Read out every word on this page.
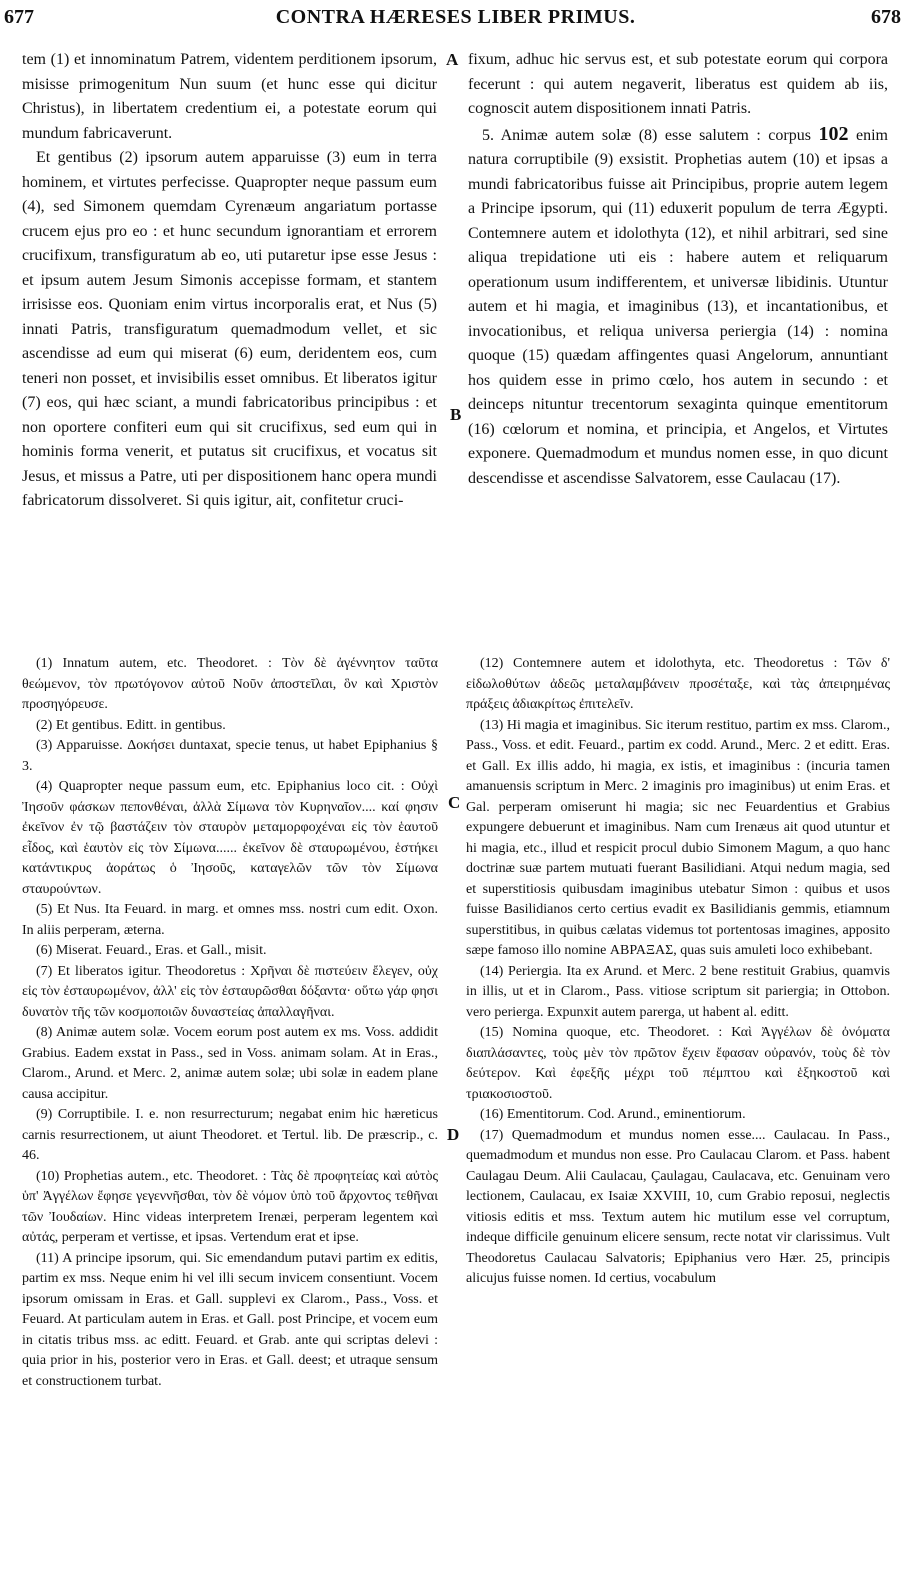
677	CONTRA HÆRESES LIBER PRIMUS.	678

tem (1) et innominatum Patrem, videntem perditionem ipsorum, misisse primogenitum Nun suum (et hunc esse qui dicitur Christus), in libertatem credentium ei, a potestate eorum qui mundum fabricaverunt.

Et gentibus (2) ipsorum autem apparuisse (3) eum in terra hominem, et virtutes perfecisse. Quapropter neque passum eum (4), sed Simonem quemdam Cyrenæum angariatum portasse crucem ejus pro eo : et hunc secundum ignorantiam et errorem crucifixum, transfiguratum ab eo, uti putaretur ipse esse Jesus : et ipsum autem Jesum Simonis accepisse formam, et stantem irrisisse eos. Quoniam enim virtus incorporalis erat, et Nus (5) innati Patris, transfiguratum quemadmodum vellet, et sic ascendisse ad eum qui miserat (6) eum, deridentem eos, cum teneri non posset, et invisibilis esset omnibus. Et liberatos igitur (7) eos, qui hæc sciant, a mundi fabricatoribus principibus : et non oportere confiteri eum qui sit crucifixus, sed eum qui in hominis forma venerit, et putatus sit crucifixus, et vocatus sit Jesus, et missus a Patre, uti per dispositionem hanc opera mundi fabricatorum dissolveret. Si quis igitur, ait, confitetur cruci-

A
B
C
D

fixum, adhuc hic servus est, et sub potestate eorum qui corpora fecerunt : qui autem negaverit, liberatus est quidem ab iis, cognoscit autem dispositionem innati Patris.

5. Animæ autem solæ (8) esse salutem : corpus 102 enim natura corruptibile (9) exsistit. Prophetias autem (10) et ipsas a mundi fabricatoribus fuisse ait Principibus, proprie autem legem a Principe ipsorum, qui (11) eduxerit populum de terra Ægypti. Contemnere autem et idolothyta (12), et nihil arbitrari, sed sine aliqua trepidatione uti eis : habere autem et reliquarum operationum usum indifferentem, et universæ libidinis. Utuntur autem et hi magia, et imaginibus (13), et incantationibus, et invocationibus, et reliqua universa periergia (14) : nomina quoque (15) quædam affingentes quasi Angelorum, annuntiant hos quidem esse in primo cœlo, hos autem in secundo : et deinceps nituntur trecentorum sexaginta quinque ementitorum (16) cœlorum et nomina, et principia, et Angelos, et Virtutes exponere. Quemadmodum et mundus nomen esse, in quo dicunt descendisse et ascendisse Salvatorem, esse Caulacau (17).

(1) Innatum autem, etc. Theodoret. : Τὸν δὲ ἀγέννητον ταῦτα θεώμενον, τὸν πρωτόγονον αὐτοῦ Νοῦν ἀποστεῖλαι, ὃν καὶ Χριστὸν προσηγόρευσε.

(2) Et gentibus. Editt. in gentibus.

(3) Apparuisse. Δοκήσει duntaxat, specie tenus, ut habet Epiphanius § 3.

(4) Quapropter neque passum eum, etc. Epiphanius loco cit. : Οὐχὶ Ἰησοῦν φάσκων πεπονθέναι, ἀλλὰ Σίμωνα τὸν Κυρηναῖον.... καί φησιν ἐκεῖνον ἐν τῷ βαστάζειν τὸν σταυρὸν μεταμορφοχέναι εἰς τὸν ἑαυτοῦ εἶδος, καὶ ἑαυτὸν εἰς τὸν Σίμωνα...... ἐκεῖνον δὲ σταυρωμένου, ἑστήκει κατάντικρυς ἀοράτως ὁ Ἰησοῦς, καταγελῶν τῶν τὸν Σίμωνα σταυρούντων.

(5) Et Nus. Ita Feuard. in marg. et omnes mss. nostri cum edit. Oxon. In aliis perperam, æterna.

(6) Miserat. Feuard., Eras. et Gall., misit.

(7) Et liberatos igitur. Theodoretus : Χρῆναι δὲ πιστεύειν ἔλεγεν, οὐχ εἰς τὸν ἐσταυρωμένον, ἀλλ' εἰς τὸν ἐσταυρῶσθαι δόξαντα· οὕτω γάρ φησι δυνατὸν τῆς τῶν κοσμοποιῶν δυναστείας ἀπαλλαγῆναι.

(8) Animæ autem solæ. Vocem eorum post autem ex ms. Voss. addidit Grabius. Eadem exstat in Pass., sed in Voss. animam solam. At in Eras., Clarom., Arund. et Merc. 2, animæ autem solæ; ubi solæ in eadem plane causa accipitur.

(9) Corruptibile. I. e. non resurrecturum; negabat enim hic hæreticus carnis resurrectionem, ut aiunt Theodoret. et Tertul. lib. De præscrip., c. 46.

(10) Prophetias autem., etc. Theodoret. : Τὰς δὲ προφητείας καὶ αὐτὸς ὑπ' Ἀγγέλων ἔφησε γεγεννῆσθαι, τὸν δὲ νόμον ὑπὸ τοῦ ἄρχοντος τεθῆναι τῶν Ἰουδαίων. Hinc videas interpretem Irenæi, perperam legentem καὶ αὐτάς, perperam et vertisse, et ipsas. Vertendum erat et ipse.

(11) A principe ipsorum, qui. Sic emendandum putavi partim ex editis, partim ex mss. Neque enim hi vel illi secum invicem consentiunt. Vocem ipsorum omissam in Eras. et Gall. supplevi ex Clarom., Pass., Voss. et Feuard. At particulam autem in Eras. et Gall. post Principe, et vocem eum in citatis tribus mss. ac editt. Feuard. et Grab. ante qui scriptas delevi : quia prior in his, posterior vero in Eras. et Gall. deest; et utraque sensum et constructionem turbat.

(12) Contemnere autem et idolothyta, etc. Theodoretus : Τῶν δ' εἰδωλοθύτων ἀδεῶς μεταλαμβάνειν προσέταξε, καὶ τὰς ἀπειρημένας πράξεις ἀδιακρίτως ἐπιτελεῖν.

(13) Hi magia et imaginibus. Sic iterum restituo, partim ex mss. Clarom., Pass., Voss. et edit. Feuard., partim ex codd. Arund., Merc. 2 et editt. Eras. et Gall. Ex illis addo, hi magia, ex istis, et imaginibus : (incuria tamen amanuensis scriptum in Merc. 2 imaginis pro imaginibus) ut enim Eras. et Gal. perperam omiserunt hi magia; sic nec Feuardentius et Grabius expungere debuerunt et imaginibus. Nam cum Irenæus ait quod utuntur et hi magia, etc., illud et respicit procul dubio Simonem Magum, a quo hanc doctrinæ suæ partem mutuati fuerant Basilidiani. Atqui nedum magia, sed et superstitiosis quibusdam imaginibus utebatur Simon : quibus et usos fuisse Basilidianos certo certius evadit ex Basilidianis gemmis, etiamnum superstitibus, in quibus cælatas videmus tot portentosas imagines, apposito sæpe famoso illo nomine ΑΒΡΑΞΑΣ, quas suis amuleti loco exhibebant.

(14) Periergia. Ita ex Arund. et Merc. 2 bene restituit Grabius, quamvis in illis, ut et in Clarom., Pass. vitiose scriptum sit pariergia; in Ottobon. vero perierga. Expunxit autem parerga, ut habent al. editt.

(15) Nomina quoque, etc. Theodoret. : Καὶ Ἀγγέλων δὲ ὀνόματα διαπλάσαντες, τοὺς μὲν τὸν πρῶτον ἔχειν ἔφασαν οὐρανόν, τοὺς δὲ τὸν δεύτερον. Καὶ ἐφεξῆς μέχρι τοῦ πέμπτου καὶ ἑξηκοστοῦ καὶ τριακοσιοστοῦ.

(16) Ementitorum. Cod. Arund., eminentiorum.

(17) Quemadmodum et mundus nomen esse.... Caulacau. In Pass., quemadmodum et mundus non esse. Pro Caulacau Clarom. et Pass. habent Caulagau Deum. Alii Caulacau, Çaulagau, Caulacava, etc. Genuinam vero lectionem, Caulacau, ex Isaiæ XXVIII, 10, cum Grabio reposui, neglectis vitiosis editis et mss. Textum autem hic mutilum esse vel corruptum, indeque difficile genuinum elicere sensum, recte notat vir clarissimus. Vult Theodoretus Caulacau Salvatoris; Epiphanius vero Hær. 25, principis alicujus fuisse nomen. Id certius, vocabulum
